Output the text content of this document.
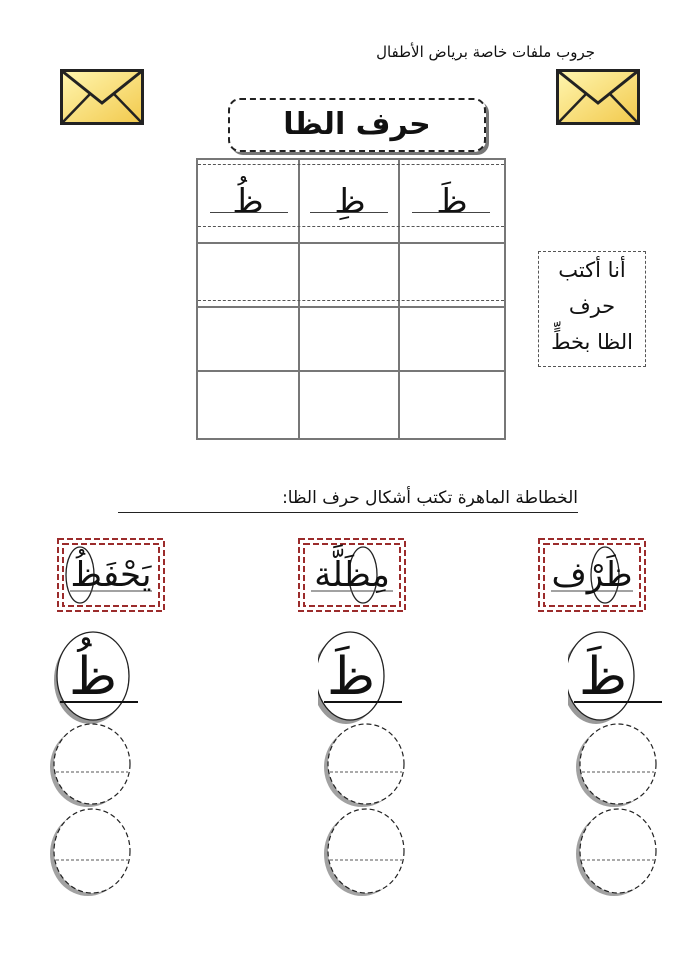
جروب ملفات خاصة برياض الأطفال
حرف الظا
ظُ	ظِ	ظَ
أنا أكتب
حرف
الظا بخطٍّ
الخطاطة الماهرة تكتب أشكال حرف الظا:
ظَرْف
مِظَلَّة
يَحْفَظُ
ظُ	ظَ	ظَ
